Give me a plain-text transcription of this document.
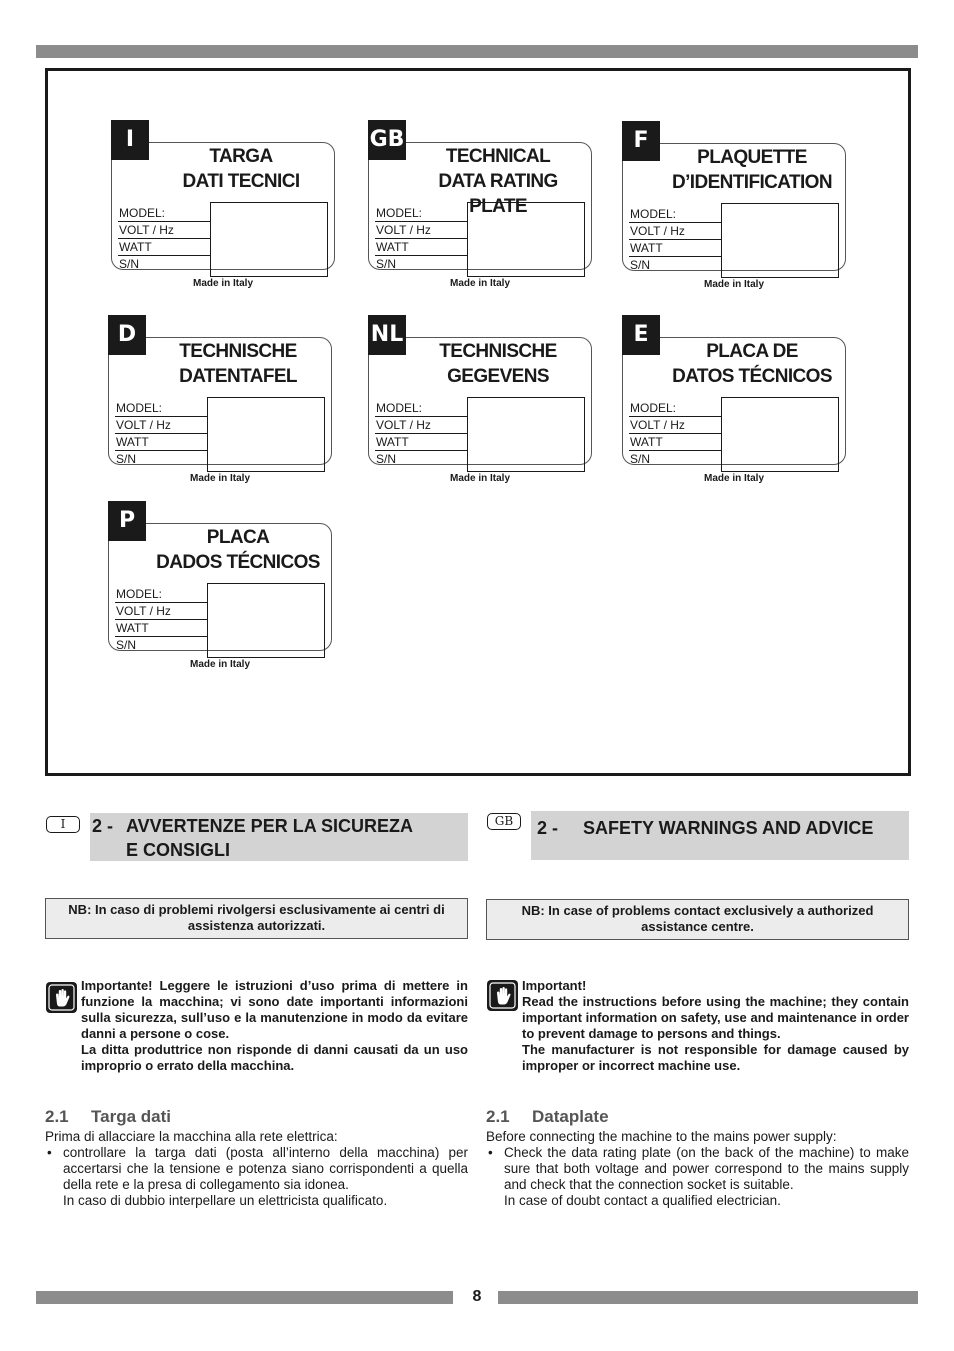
I
TARGA
DATI TECNICI
MODEL:
VOLT / Hz
WATT
S/N
Made in Italy
GB
TECHNICAL
DATA RATING PLATE
MODEL:
VOLT / Hz
WATT
S/N
Made in Italy
F
PLAQUETTE
D’IDENTIFICATION
MODEL:
VOLT / Hz
WATT
S/N
Made in Italy
D
TECHNISCHE
DATENTAFEL
MODEL:
VOLT / Hz
WATT
S/N
Made in Italy
NL
TECHNISCHE
GEGEVENS
MODEL:
VOLT / Hz
WATT
S/N
Made in Italy
E
PLACA DE
DATOS TÉCNICOS
MODEL:
VOLT / Hz
WATT
S/N
Made in Italy
P
PLACA
DADOS TÉCNICOS
MODEL:
VOLT / Hz
WATT
S/N
Made in Italy
I	2 - AVVERTENZE PER LA SICUREZA
E CONSIGLI
NB: In caso di problemi rivolgersi esclusivamente ai centri di assistenza autorizzati.

Importante! Leggere le istruzioni d’uso prima di mettere in funzione la macchina; vi sono date importanti informazioni sulla sicurezza, sull’uso e la manutenzione in modo da evitare danni a persone o cose.

La ditta produttrice non risponde di danni causati da un uso improprio o errato della macchina.

2.1 Targa dati

Prima di allacciare la macchina alla rete elettrica:

• controllare la targa dati (posta all’interno della macchina) per accertarsi che la tensione e potenza siano corrispondenti a quella della rete e la presa di collegamento sia idonea.

In caso di dubbio interpellare un elettricista qualificato.

GB	2 - SAFETY WARNINGS AND ADVICE
NB: In case of problems contact exclusively a authorized assistance centre.

Important!

Read the instructions before using the machine; they contain important information on safety, use and maintenance in order to prevent damage to persons and things.

The manufacturer is not responsible for damage caused by improper or incorrect machine use.

2.1 Dataplate

Before connecting the machine to the mains power supply:

• Check the data rating plate (on the back of the machine) to make sure that both voltage and power correspond to the mains supply and check that the connection socket is suitable.

In case of doubt contact a qualified electrician.

8
